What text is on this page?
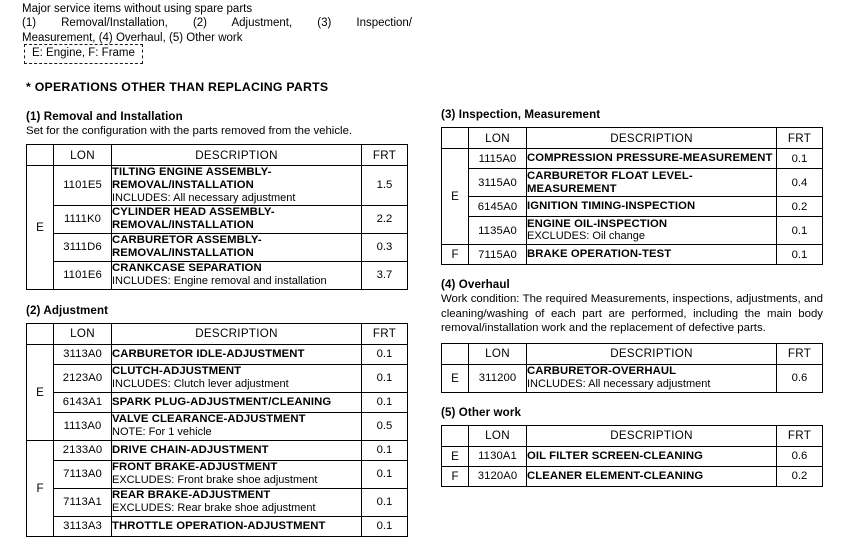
Major service items without using spare parts
(1) Removal/Installation, (2) Adjustment, (3) Inspection/
Measurement, (4) Overhaul, (5) Other work
E: Engine, F: Frame
* OPERATIONS OTHER THAN REPLACING PARTS
(1) Removal and Installation
Set for the configuration with the parts removed from the vehicle.
	LON	DESCRIPTION	FRT
E	1101E5	TILTING ENGINE ASSEMBLY-REMOVAL/INSTALLATION
INCLUDES: All necessary adjustment	1.5
	1111K0	CYLINDER HEAD ASSEMBLY-REMOVAL/INSTALLATION	2.2
	3111D6	CARBURETOR ASSEMBLY-REMOVAL/INSTALLATION	0.3
	1101E6	CRANKCASE SEPARATION
INCLUDES: Engine removal and installation	3.7
(2) Adjustment
	LON	DESCRIPTION	FRT
E	3113A0	CARBURETOR IDLE-ADJUSTMENT	0.1
	2123A0	CLUTCH-ADJUSTMENT
INCLUDES: Clutch lever adjustment	0.1
	6143A1	SPARK PLUG-ADJUSTMENT/CLEANING	0.1
	1113A0	VALVE CLEARANCE-ADJUSTMENT
NOTE: For 1 vehicle	0.5
F	2133A0	DRIVE CHAIN-ADJUSTMENT	0.1
	7113A0	FRONT BRAKE-ADJUSTMENT
EXCLUDES: Front brake shoe adjustment	0.1
	7113A1	REAR BRAKE-ADJUSTMENT
EXCLUDES: Rear brake shoe adjustment	0.1
	3113A3	THROTTLE OPERATION-ADJUSTMENT	0.1
(3) Inspection, Measurement
	LON	DESCRIPTION	FRT
E	1115A0	COMPRESSION PRESSURE-MEASUREMENT	0.1
	3115A0	CARBURETOR FLOAT LEVEL-MEASUREMENT	0.4
	6145A0	IGNITION TIMING-INSPECTION	0.2
	1135A0	ENGINE OIL-INSPECTION
EXCLUDES: Oil change	0.1
F	7115A0	BRAKE OPERATION-TEST	0.1
(4) Overhaul
Work condition: The required Measurements, inspections, adjustments, and cleaning/washing of each part are performed, including the main body removal/installation work and the replacement of defective parts.
	LON	DESCRIPTION	FRT
E	311200	CARBURETOR-OVERHAUL
INCLUDES: All necessary adjustment	0.6
(5) Other work
	LON	DESCRIPTION	FRT
E	1130A1	OIL FILTER SCREEN-CLEANING	0.6
F	3120A0	CLEANER ELEMENT-CLEANING	0.2
